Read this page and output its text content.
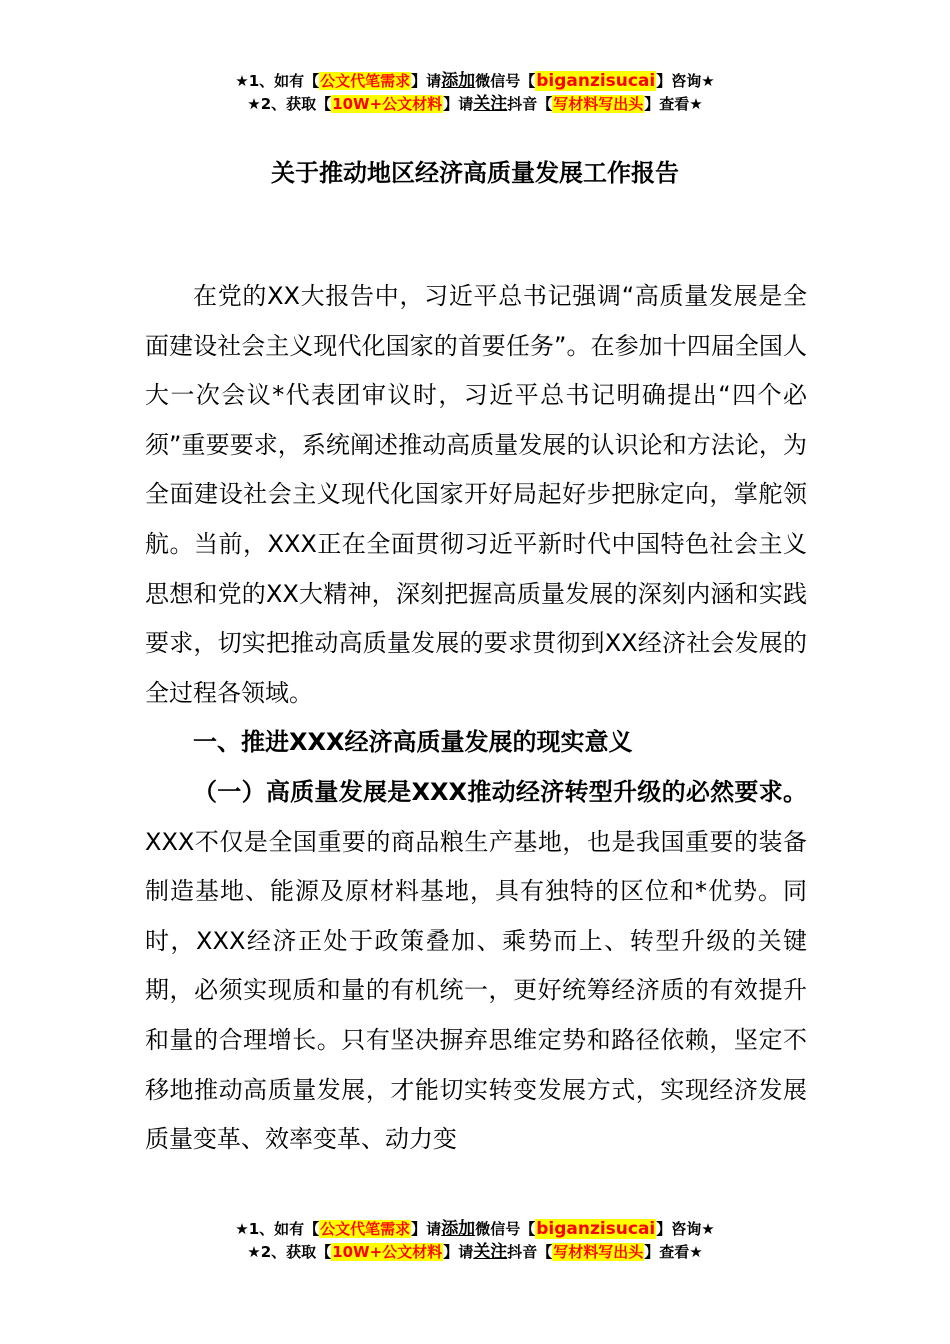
★1、如有【公文代笔需求】请添加微信号【biganzisucai】咨询★
★2、获取【10W+公文材料】请关注抖音【写材料写出头】查看★
关于推动地区经济高质量发展工作报告

在党的XX大报告中，习近平总书记强调“高质量发展是全面建设社会主义现代化国家的首要任务”。在参加十四届全国人大一次会议*代表团审议时，习近平总书记明确提出“四个必须”重要要求，系统阐述推动高质量发展的认识论和方法论，为全面建设社会主义现代化国家开好局起好步把脉定向，掌舵领航。当前，XXX正在全面贯彻习近平新时代中国特色社会主义思想和党的XX大精神，深刻把握高质量发展的深刻内涵和实践要求，切实把推动高质量发展的要求贯彻到XX经济社会发展的全过程各领域。

一、推进XXX经济高质量发展的现实意义

（一）高质量发展是XXX推动经济转型升级的必然要求。XXX不仅是全国重要的商品粮生产基地，也是我国重要的装备制造基地、能源及原材料基地，具有独特的区位和*优势。同时，XXX经济正处于政策叠加、乘势而上、转型升级的关键期，必须实现质和量的有机统一，更好统筹经济质的有效提升和量的合理增长。只有坚决摒弃思维定势和路径依赖，坚定不移地推动高质量发展，才能切实转变发展方式，实现经济发展质量变革、效率变革、动力变

★1、如有【公文代笔需求】请添加微信号【biganzisucai】咨询★
★2、获取【10W+公文材料】请关注抖音【写材料写出头】查看★
